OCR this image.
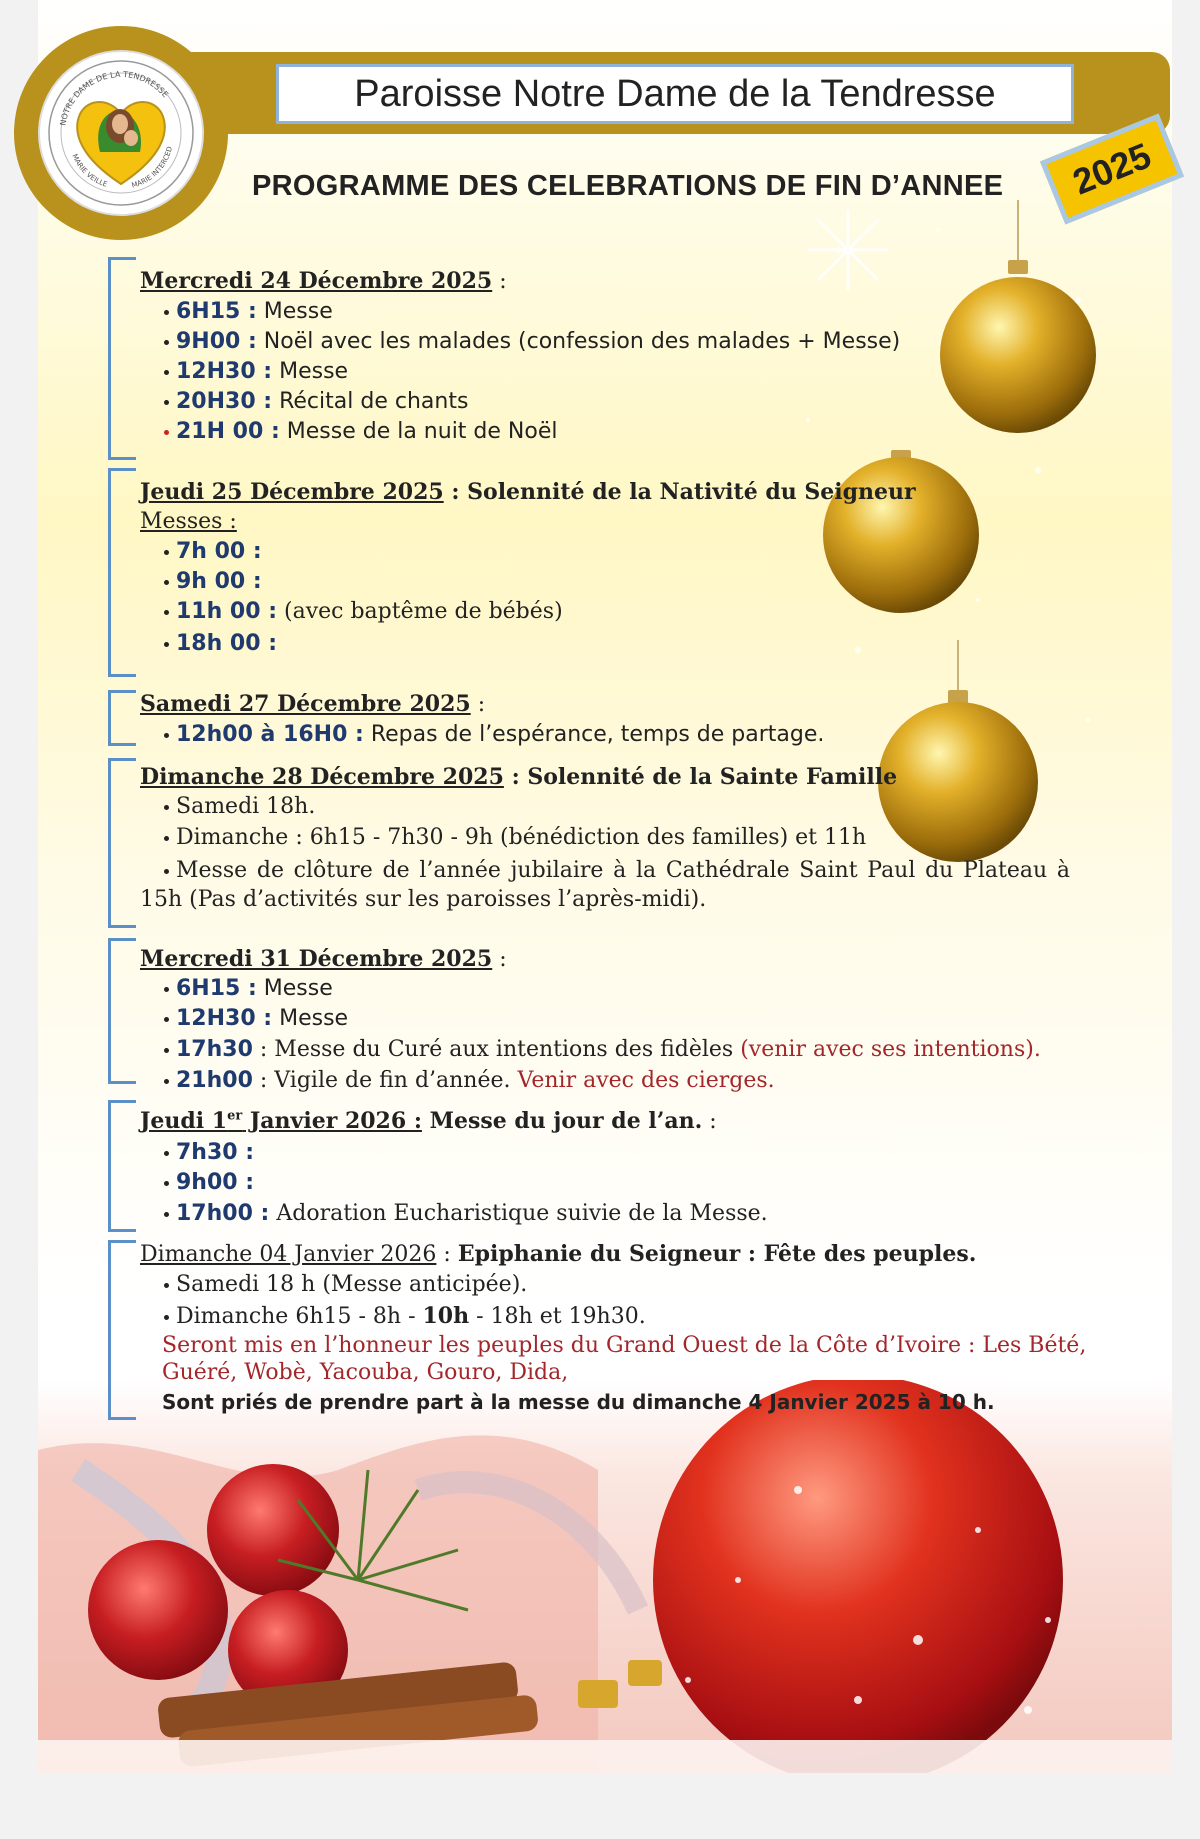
Paroisse Notre Dame de la Tendresse
NOTRE DAME DE LA TENDRESSE
MARIE VEILLE	MARIE INTERCED
PROGRAMME DES CELEBRATIONS DE FIN D’ANNEE 2025
Mercredi 24 Décembre 2025 :
6H15 : Messe
9H00 : Noël avec les malades (confession des malades + Messe)
12H30 : Messe
20H30 : Récital de chants
21H 00 : Messe de la nuit de Noël
Jeudi 25 Décembre 2025 : Solennité de la Nativité du Seigneur
Messes :
7h 00 :
9h 00 :
11h 00 : (avec baptême de bébés)
18h 00 :
Samedi 27 Décembre 2025 :
12h00 à 16H0 : Repas de l’espérance, temps de partage.
Dimanche 28 Décembre 2025 : Solennité de la Sainte Famille
Samedi 18h.
Dimanche : 6h15 - 7h30 - 9h (bénédiction des familles) et 11h
Messe de clôture de l’année jubilaire à la Cathédrale Saint Paul du Plateau à 15h (Pas d’activités sur les paroisses l’après-midi).
Mercredi 31 Décembre 2025 :
6H15 : Messe
12H30 : Messe
17h30 : Messe du Curé aux intentions des fidèles (venir avec ses intentions).
21h00 : Vigile de fin d’année. Venir avec des cierges.
Jeudi 1er Janvier 2026 : Messe du jour de l’an. :
7h30 :
9h00 :
17h00 : Adoration Eucharistique suivie de la Messe.
Dimanche 04 Janvier 2026 : Epiphanie du Seigneur : Fête des peuples.
Samedi 18 h (Messe anticipée).
Dimanche 6h15 - 8h - 10h - 18h et 19h30.
Seront mis en l’honneur les peuples du Grand Ouest de la Côte d’Ivoire : Les Bété,
Guéré, Wobè, Yacouba, Gouro, Dida,
Sont priés de prendre part à la messe du dimanche 4 Janvier 2025 à 10 h.
